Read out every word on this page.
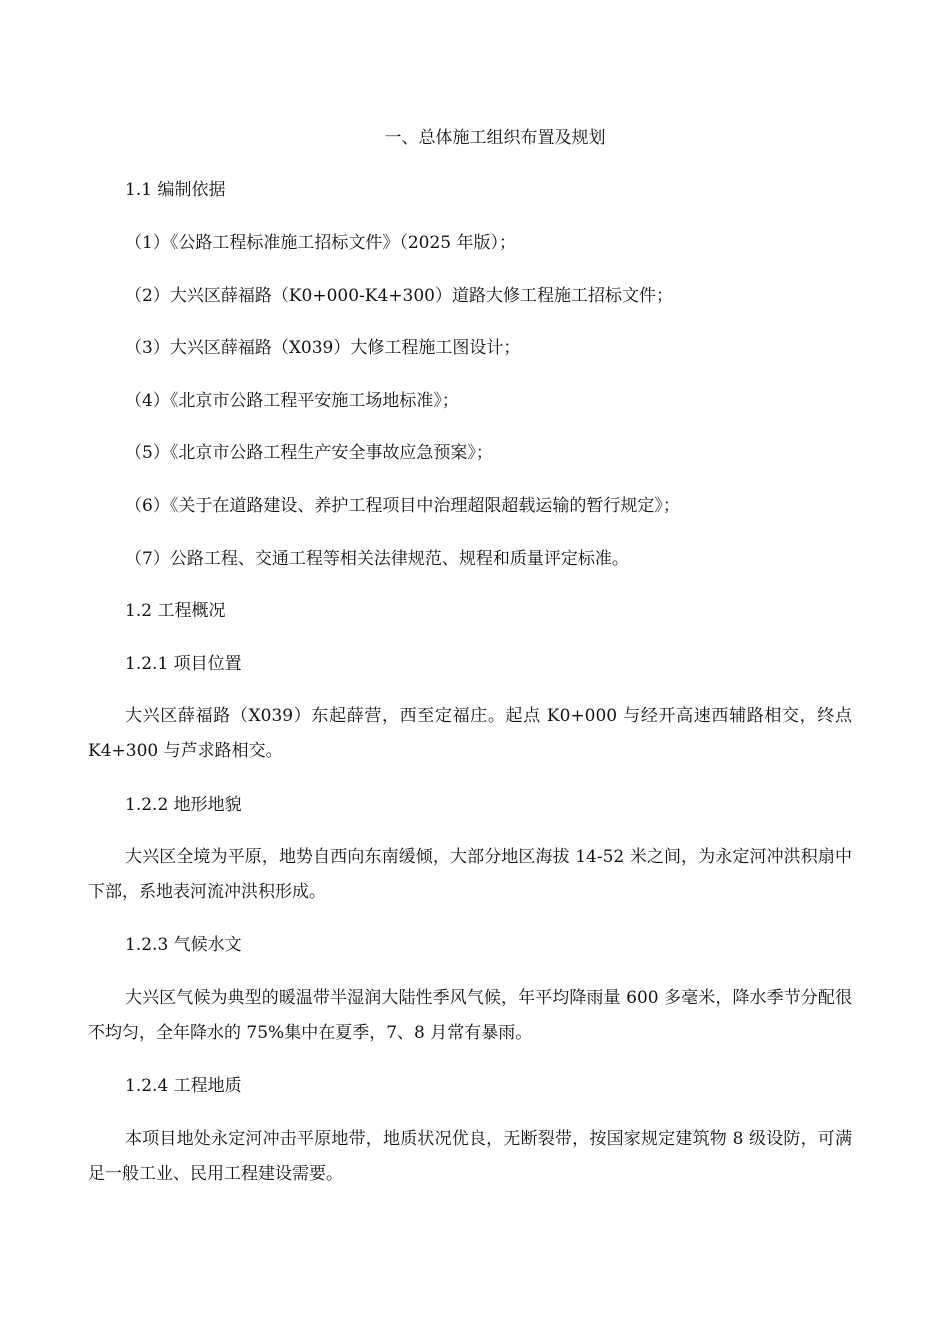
一、总体施工组织布置及规划
1.1 编制依据
（1）《公路工程标准施工招标文件》（2025 年版）；
（2）大兴区薛福路（K0+000-K4+300）道路大修工程施工招标文件；
（3）大兴区薛福路（X039）大修工程施工图设计；
（4）《北京市公路工程平安施工场地标准》；
（5）《北京市公路工程生产安全事故应急预案》；
（6）《关于在道路建设、养护工程项目中治理超限超载运输的暂行规定》；
（7）公路工程、交通工程等相关法律规范、规程和质量评定标准。
1.2 工程概况
1.2.1 项目位置
大兴区薛福路（X039）东起薛营，西至定福庄。起点 K0+000 与经开高速西辅路相交，终点 K4+300 与芦求路相交。
1.2.2 地形地貌
大兴区全境为平原，地势自西向东南缓倾，大部分地区海拔 14-52 米之间，为永定河冲洪积扇中下部，系地表河流冲洪积形成。
1.2.3 气候水文
大兴区气候为典型的暖温带半湿润大陆性季风气候，年平均降雨量 600 多毫米，降水季节分配很不均匀，全年降水的 75%集中在夏季，7、8 月常有暴雨。
1.2.4 工程地质
本项目地处永定河冲击平原地带，地质状况优良，无断裂带，按国家规定建筑物 8 级设防，可满足一般工业、民用工程建设需要。
